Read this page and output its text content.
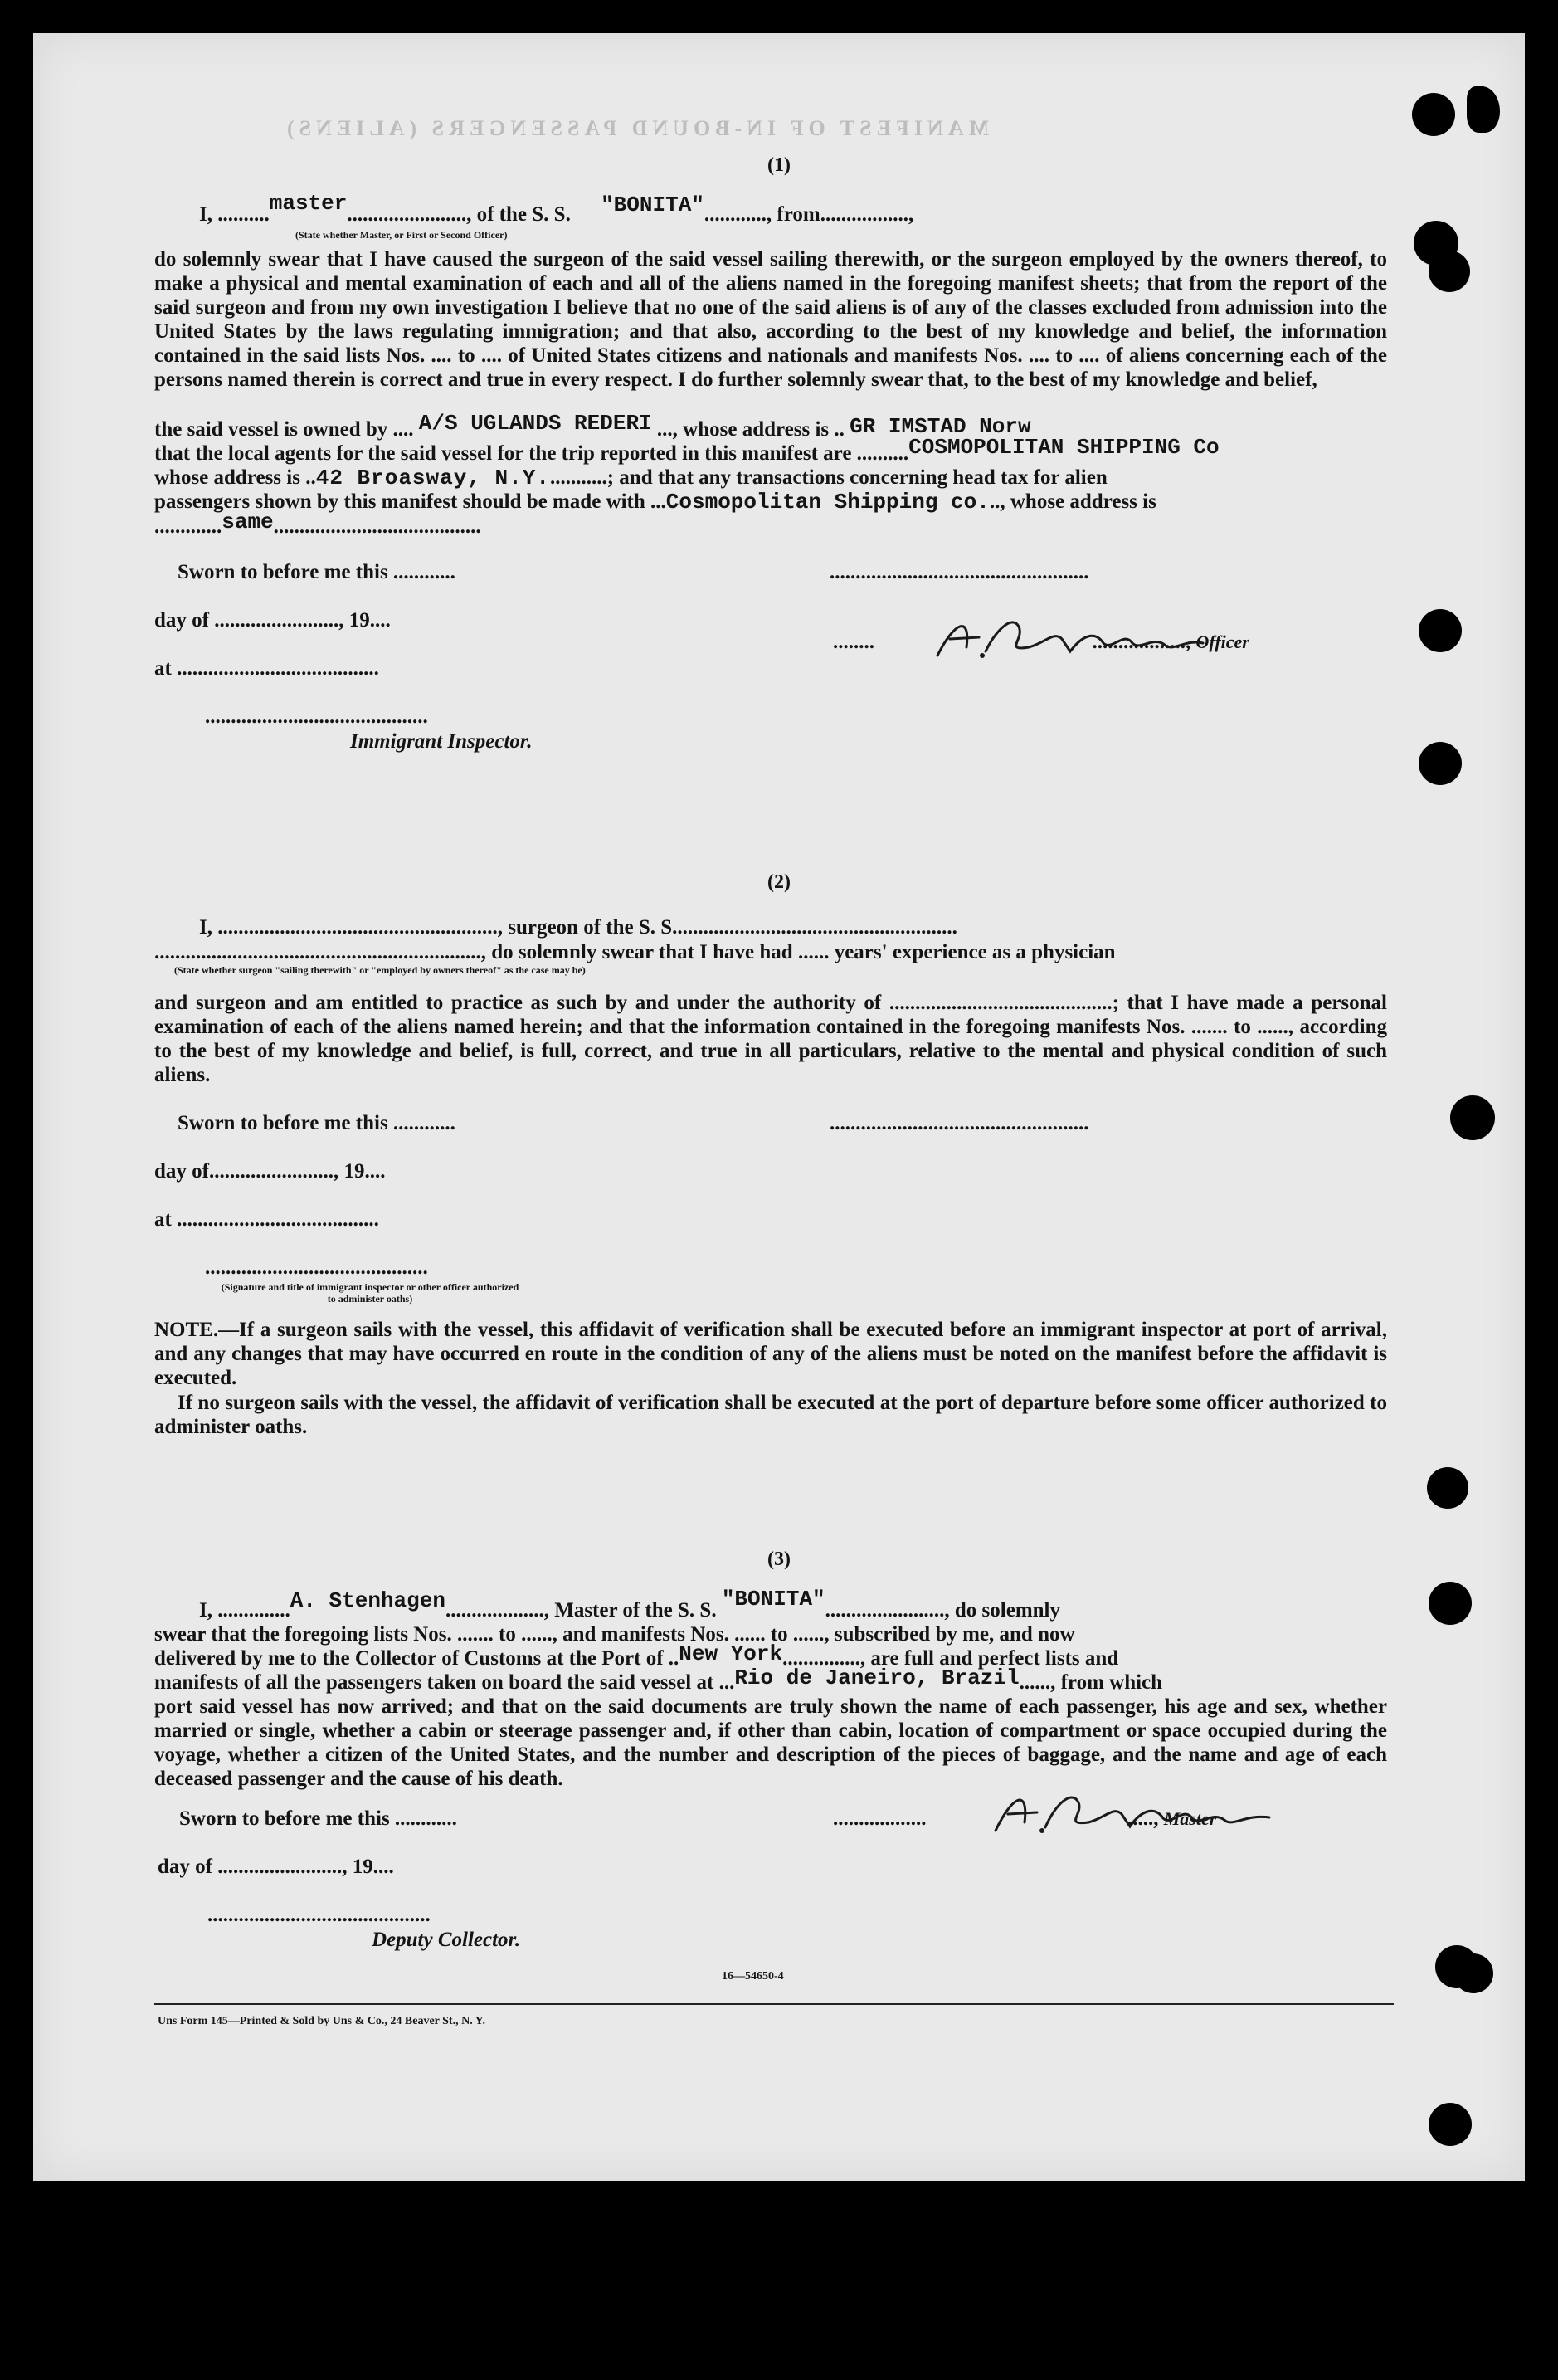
MANIFEST OF IN-BOUND PASSENGERS (ALIENS)
(1)
I, ..........master......................., of the S. S. "BONITA"............, from.................,
(State whether Master, or First or Second Officer)
do solemnly swear that I have caused the surgeon of the said vessel sailing therewith, or the surgeon employed by the owners thereof, to make a physical and mental examination of each and all of the aliens named in the foregoing manifest sheets; that from the report of the said surgeon and from my own investigation I believe that no one of the said aliens is of any of the classes excluded from admission into the United States by the laws regulating immigration; and that also, according to the best of my knowledge and belief, the information contained in the said lists Nos. .... to .... of United States citizens and nationals and manifests Nos. .... to .... of aliens concerning each of the persons named therein is correct and true in every respect. I do further solemnly swear that, to the best of my knowledge and belief,
the said vessel is owned by .... A/S UGLANDS REDERI ..., whose address is .. GR IMSTAD Norw
that the local agents for the said vessel for the trip reported in this manifest are ..........COSMOPOLITAN SHIPPING Co
whose address is ..42 Broasway, N.Y............; and that any transactions concerning head tax for alien
passengers shown by this manifest should be made with ...Cosmopolitan Shipping co..., whose address is
.............same........................................
Sworn to before me this ............
day of ........................, 19....
at .......................................
..................................................
........	.................., Officer
...........................................
Immigrant Inspector.
(2)
I, ......................................................, surgeon of the S. S.......................................................
..............................................................., do solemnly swear that I have had ...... years' experience as a physician
(State whether surgeon "sailing therewith" or "employed by owners thereof" as the case may be)
and surgeon and am entitled to practice as such by and under the authority of ...........................................; that I have made a personal examination of each of the aliens named herein; and that the information contained in the foregoing manifests Nos. ....... to ......, according to the best of my knowledge and belief, is full, correct, and true in all particulars, relative to the mental and physical condition of such aliens.
Sworn to before me this ............
day of........................, 19....
at .......................................
..................................................
...........................................
(Signature and title of immigrant inspector or other officer authorized to administer oaths)
NOTE.—If a surgeon sails with the vessel, this affidavit of verification shall be executed before an immigrant inspector at port of arrival, and any changes that may have occurred en route in the condition of any of the aliens must be noted on the manifest before the affidavit is executed.
If no surgeon sails with the vessel, the affidavit of verification shall be executed at the port of departure before some officer authorized to administer oaths.
(3)
I, ..............A. Stenhagen..................., Master of the S. S. "BONITA"......................., do solemnly
swear that the foregoing lists Nos. ....... to ......, and manifests Nos. ...... to ......, subscribed by me, and now
delivered by me to the Collector of Customs at the Port of ..New York..............., are full and perfect lists and
manifests of all the passengers taken on board the said vessel at ...Rio de Janeiro, Brazil......, from which
port said vessel has now arrived; and that on the said documents are truly shown the name of each passenger, his age and sex, whether married or single, whether a cabin or steerage passenger and, if other than cabin, location of compartment or space occupied during the voyage, whether a citizen of the United States, and the number and description of the pieces of baggage, and the name and age of each deceased passenger and the cause of his death.
Sworn to before me this ............
day of ........................, 19....
..................	....., Master
...........................................
Deputy Collector.
16—54650-4
Uns Form 145—Printed & Sold by Uns & Co., 24 Beaver St., N. Y.
